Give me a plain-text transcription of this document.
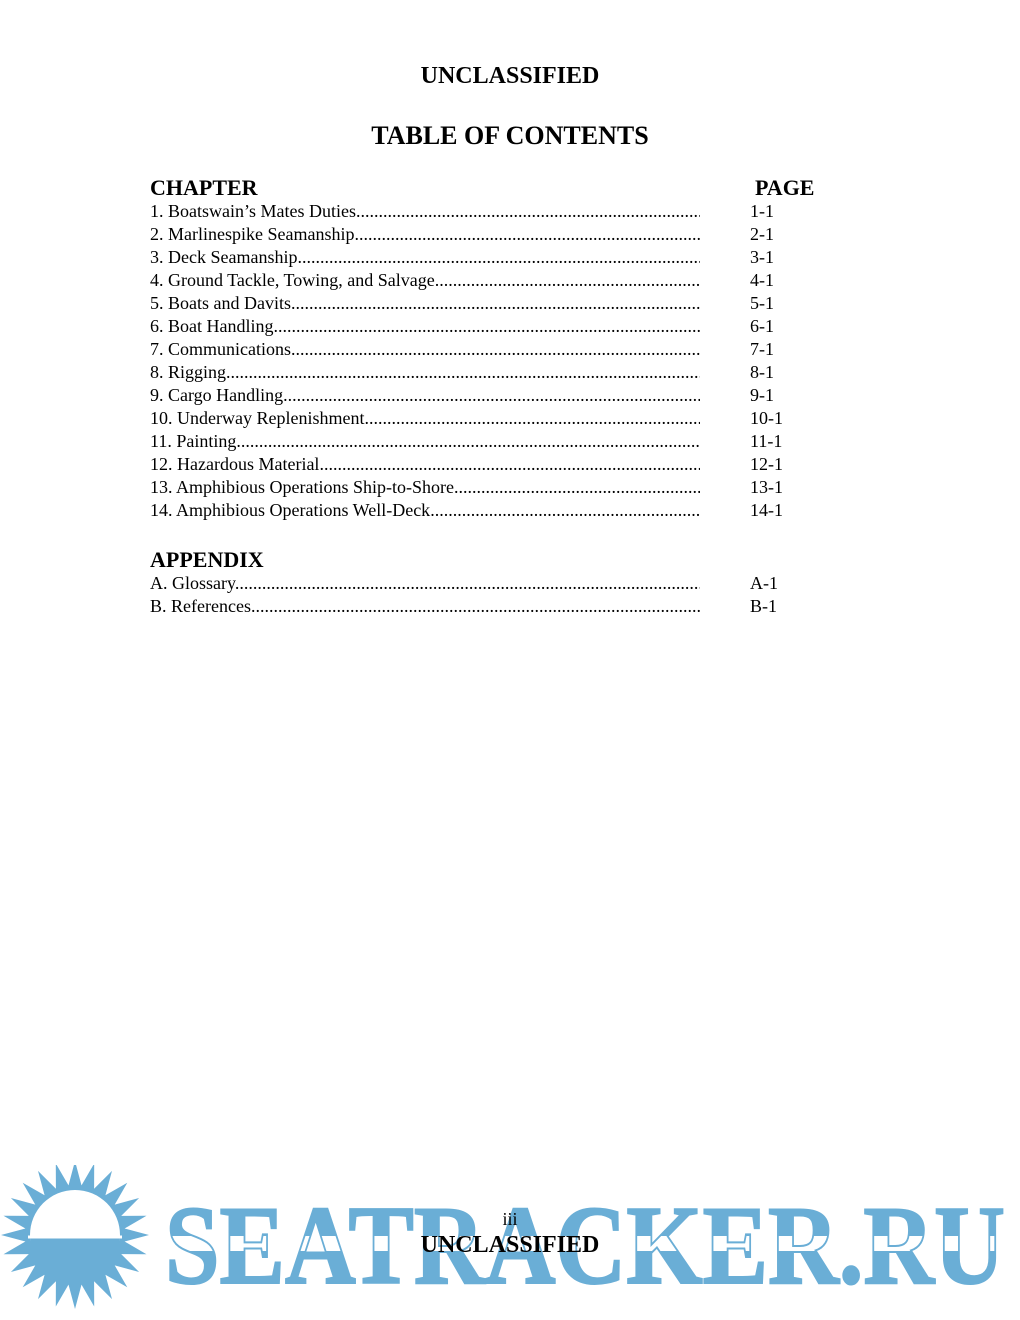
UNCLASSIFIED
TABLE OF CONTENTS
CHAPTER	PAGE
1. Boatswain’s Mates Duties .....	1-1
2. Marlinespike Seamanship .....	2-1
3. Deck Seamanship .....	3-1
4. Ground Tackle, Towing, and Salvage .....	4-1
5. Boats and Davits .....	5-1
6. Boat Handling .....	6-1
7. Communications .....	7-1
8. Rigging .....	8-1
9. Cargo Handling .....	9-1
10. Underway Replenishment .....	10-1
11. Painting .....	11-1
12. Hazardous Material .....	12-1
13. Amphibious Operations Ship-to-Shore .....	13-1
14. Amphibious Operations Well-Deck .....	14-1
APPENDIX
A. Glossary .....	A-1
B. References .....	B-1
SEATRACKER.RU
iii
UNCLASSIFIED
